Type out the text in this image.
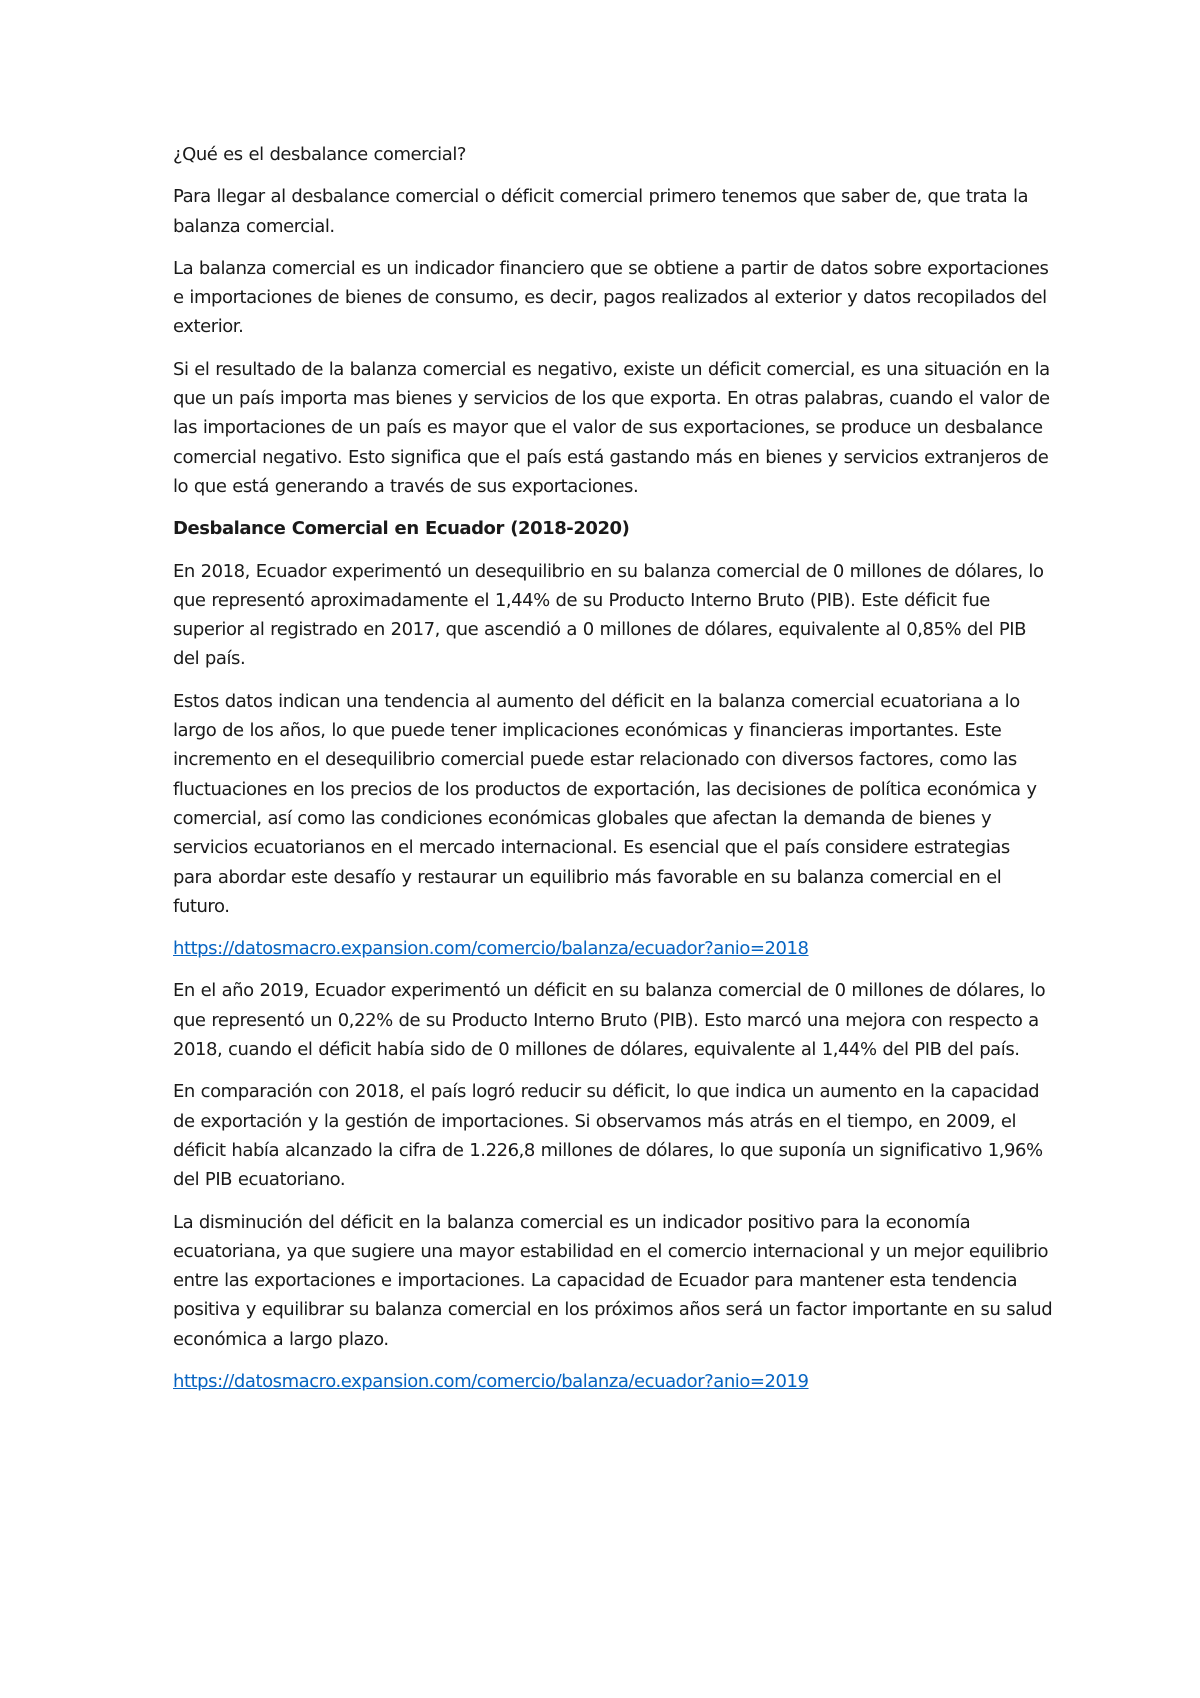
¿Qué es el desbalance comercial?

Para llegar al desbalance comercial o déficit comercial primero tenemos que saber de, que trata la balanza comercial.

La balanza comercial es un indicador financiero que se obtiene a partir de datos sobre exportaciones e importaciones de bienes de consumo, es decir, pagos realizados al exterior y datos recopilados del exterior.

Si el resultado de la balanza comercial es negativo, existe un déficit comercial, es una situación en la que un país importa mas bienes y servicios de los que exporta. En otras palabras, cuando el valor de las importaciones de un país es mayor que el valor de sus exportaciones, se produce un desbalance comercial negativo. Esto significa que el país está gastando más en bienes y servicios extranjeros de lo que está generando a través de sus exportaciones.

Desbalance Comercial en Ecuador (2018-2020)

En 2018, Ecuador experimentó un desequilibrio en su balanza comercial de 0 millones de dólares, lo que representó aproximadamente el 1,44% de su Producto Interno Bruto (PIB). Este déficit fue superior al registrado en 2017, que ascendió a 0 millones de dólares, equivalente al 0,85% del PIB del país.

Estos datos indican una tendencia al aumento del déficit en la balanza comercial ecuatoriana a lo largo de los años, lo que puede tener implicaciones económicas y financieras importantes. Este incremento en el desequilibrio comercial puede estar relacionado con diversos factores, como las fluctuaciones en los precios de los productos de exportación, las decisiones de política económica y comercial, así como las condiciones económicas globales que afectan la demanda de bienes y servicios ecuatorianos en el mercado internacional. Es esencial que el país considere estrategias para abordar este desafío y restaurar un equilibrio más favorable en su balanza comercial en el futuro.

https://datosmacro.expansion.com/comercio/balanza/ecuador?anio=2018

En el año 2019, Ecuador experimentó un déficit en su balanza comercial de 0 millones de dólares, lo que representó un 0,22% de su Producto Interno Bruto (PIB). Esto marcó una mejora con respecto a 2018, cuando el déficit había sido de 0 millones de dólares, equivalente al 1,44% del PIB del país.

En comparación con 2018, el país logró reducir su déficit, lo que indica un aumento en la capacidad de exportación y la gestión de importaciones. Si observamos más atrás en el tiempo, en 2009, el déficit había alcanzado la cifra de 1.226,8 millones de dólares, lo que suponía un significativo 1,96% del PIB ecuatoriano.

La disminución del déficit en la balanza comercial es un indicador positivo para la economía ecuatoriana, ya que sugiere una mayor estabilidad en el comercio internacional y un mejor equilibrio entre las exportaciones e importaciones. La capacidad de Ecuador para mantener esta tendencia positiva y equilibrar su balanza comercial en los próximos años será un factor importante en su salud económica a largo plazo.

https://datosmacro.expansion.com/comercio/balanza/ecuador?anio=2019
